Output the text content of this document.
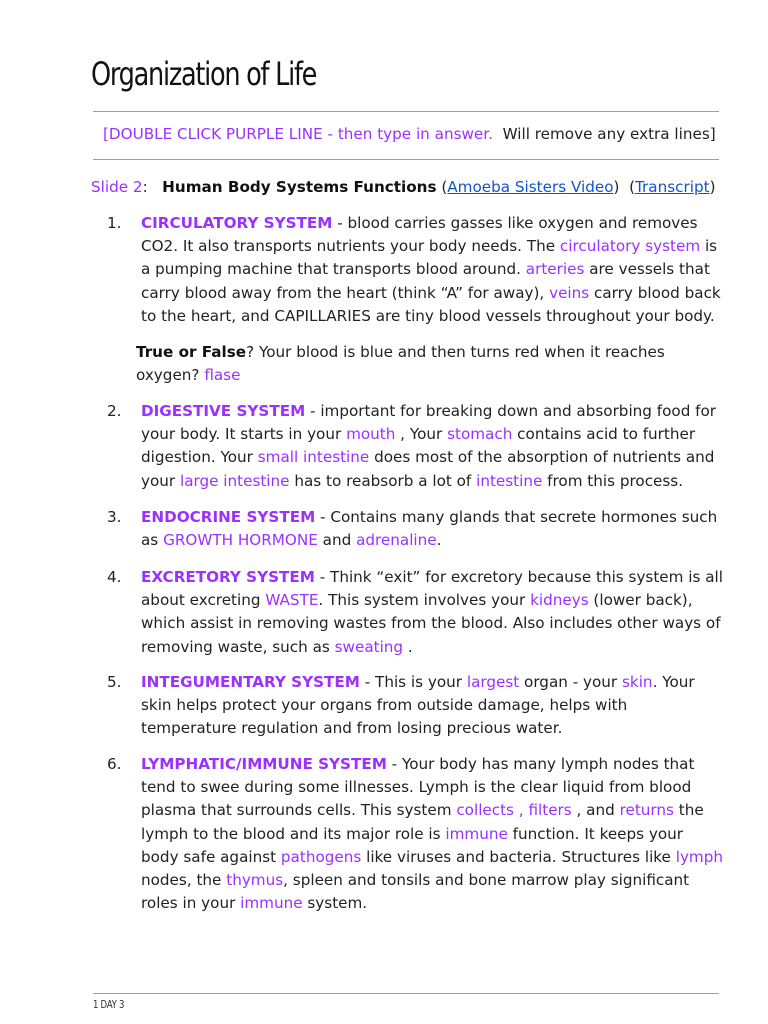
Organization of Life
[DOUBLE CLICK PURPLE LINE - then type in answer.  Will remove any extra lines]
Slide 2:   Human Body Systems Functions (Amoeba Sisters Video)  (Transcript)
1. CIRCULATORY SYSTEM - blood carries gasses like oxygen and removes CO2. It also transports nutrients your body needs. The circulatory system is a pumping machine that transports blood around. arteries are vessels that carry blood away from the heart (think “A” for away), veins carry blood back to the heart, and CAPILLARIES are tiny blood vessels throughout your body.
2. DIGESTIVE SYSTEM - important for breaking down and absorbing food for your body. It starts in your mouth , Your stomach contains acid to further digestion. Your small intestine does most of the absorption of nutrients and your large intestine has to reabsorb a lot of intestine from this process.
3. ENDOCRINE SYSTEM - Contains many glands that secrete hormones such as GROWTH HORMONE and adrenaline.
4. EXCRETORY SYSTEM - Think “exit” for excretory because this system is all about excreting WASTE. This system involves your kidneys (lower back), which assist in removing wastes from the blood. Also includes other ways of removing waste, such as sweating .
5. INTEGUMENTARY SYSTEM - This is your largest organ - your skin. Your skin helps protect your organs from outside damage, helps with temperature regulation and from losing precious water.
6. LYMPHATIC/IMMUNE SYSTEM - Your body has many lymph nodes that tend to swee during some illnesses. Lymph is the clear liquid from blood plasma that surrounds cells. This system collects , filters , and returns the lymph to the blood and its major role is immune function. It keeps your body safe against pathogens like viruses and bacteria. Structures like lymph nodes, the thymus, spleen and tonsils and bone marrow play significant roles in your immune system.
True or False? Your blood is blue and then turns red when it reaches oxygen? flase
1 DAY 3
